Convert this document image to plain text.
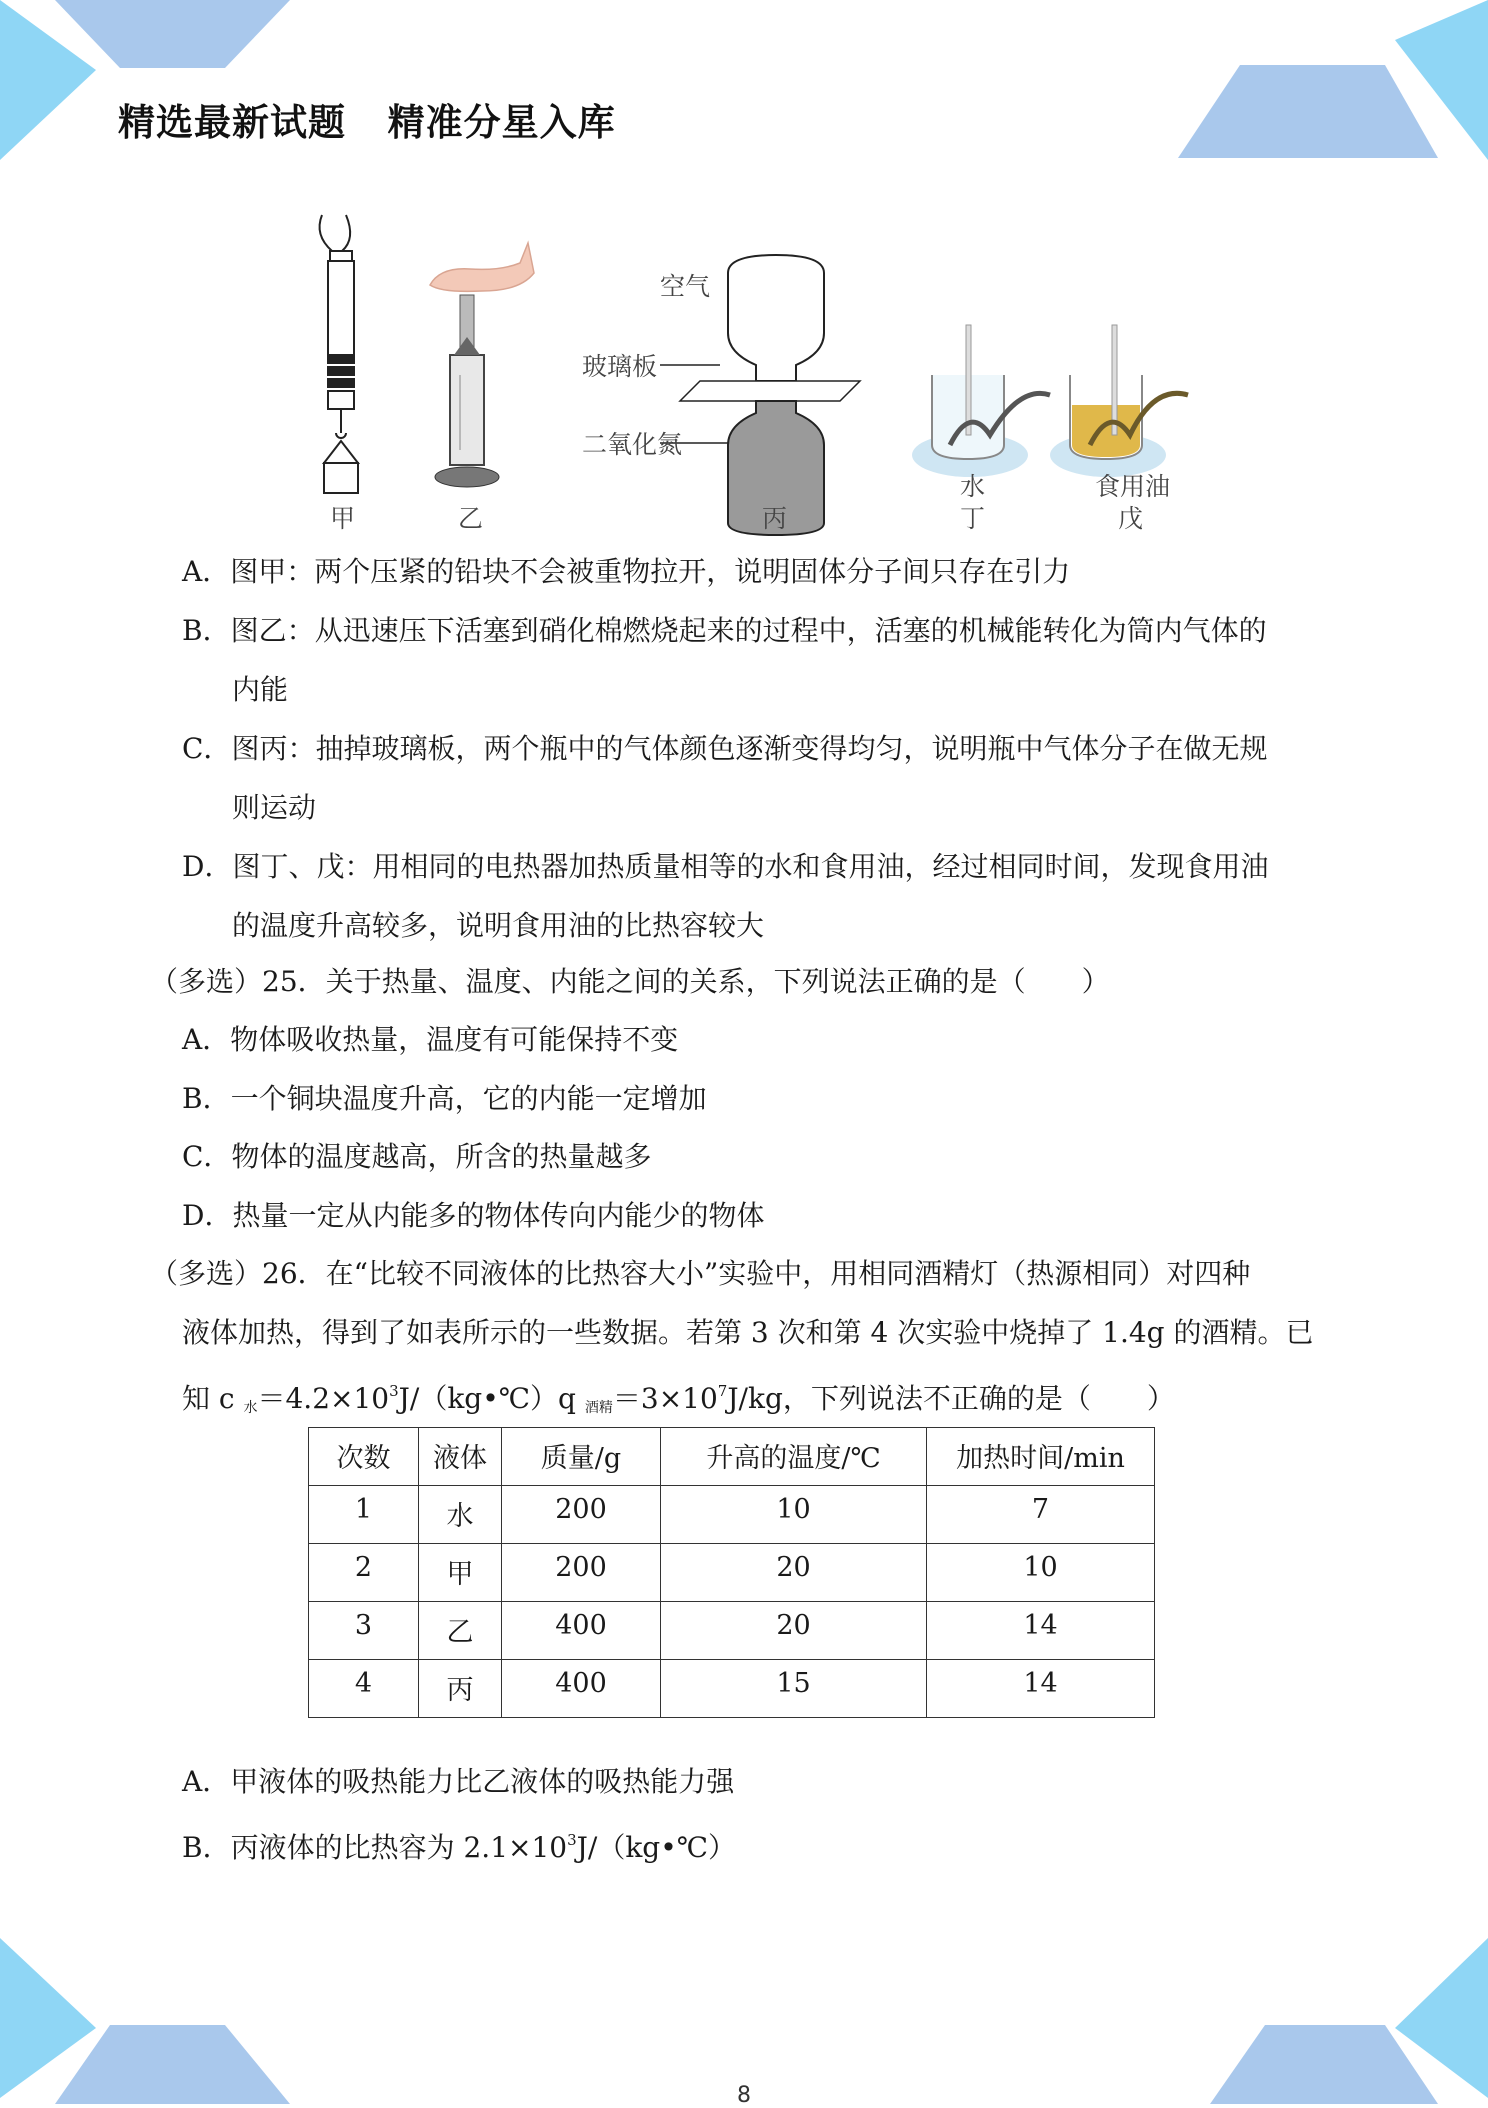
精选最新试题   精准分星入库
甲	乙
空气
玻璃板
二氧化氮
丙
水
丁
食用油
戊
A．图甲：两个压紧的铅块不会被重物拉开，说明固体分子间只存在引力
B．图乙：从迅速压下活塞到硝化棉燃烧起来的过程中，活塞的机械能转化为筒内气体的
内能
C．图丙：抽掉玻璃板，两个瓶中的气体颜色逐渐变得均匀，说明瓶中气体分子在做无规
则运动
D．图丁、戊：用相同的电热器加热质量相等的水和食用油，经过相同时间，发现食用油
的温度升高较多，说明食用油的比热容较大
（多选）25．关于热量、温度、内能之间的关系，下列说法正确的是（　　）
A．物体吸收热量，温度有可能保持不变
B．一个铜块温度升高，它的内能一定增加
C．物体的温度越高，所含的热量越多
D．热量一定从内能多的物体传向内能少的物体
（多选）26．在“比较不同液体的比热容大小”实验中，用相同酒精灯（热源相同）对四种
液体加热，得到了如表所示的一些数据。若第 3 次和第 4 次实验中烧掉了 1.4g 的酒精。已
知 c $_水=4.2\times 10^3J/(kg•℃)q$ $_{酒精}=3\times 10^7J/kg$，下列说法不正确的是（　　）
次数	液体	质量/g	升高的温度/℃	加热时间/min
1	水	200	10	7
2	甲	200	20	10
3	乙	400	20	14
4	丙	400	15	14
A．甲液体的吸热能力比乙液体的吸热能力强
B．丙液体的比热容为 $2.1\times 10^3J/(kg•℃)$
8
